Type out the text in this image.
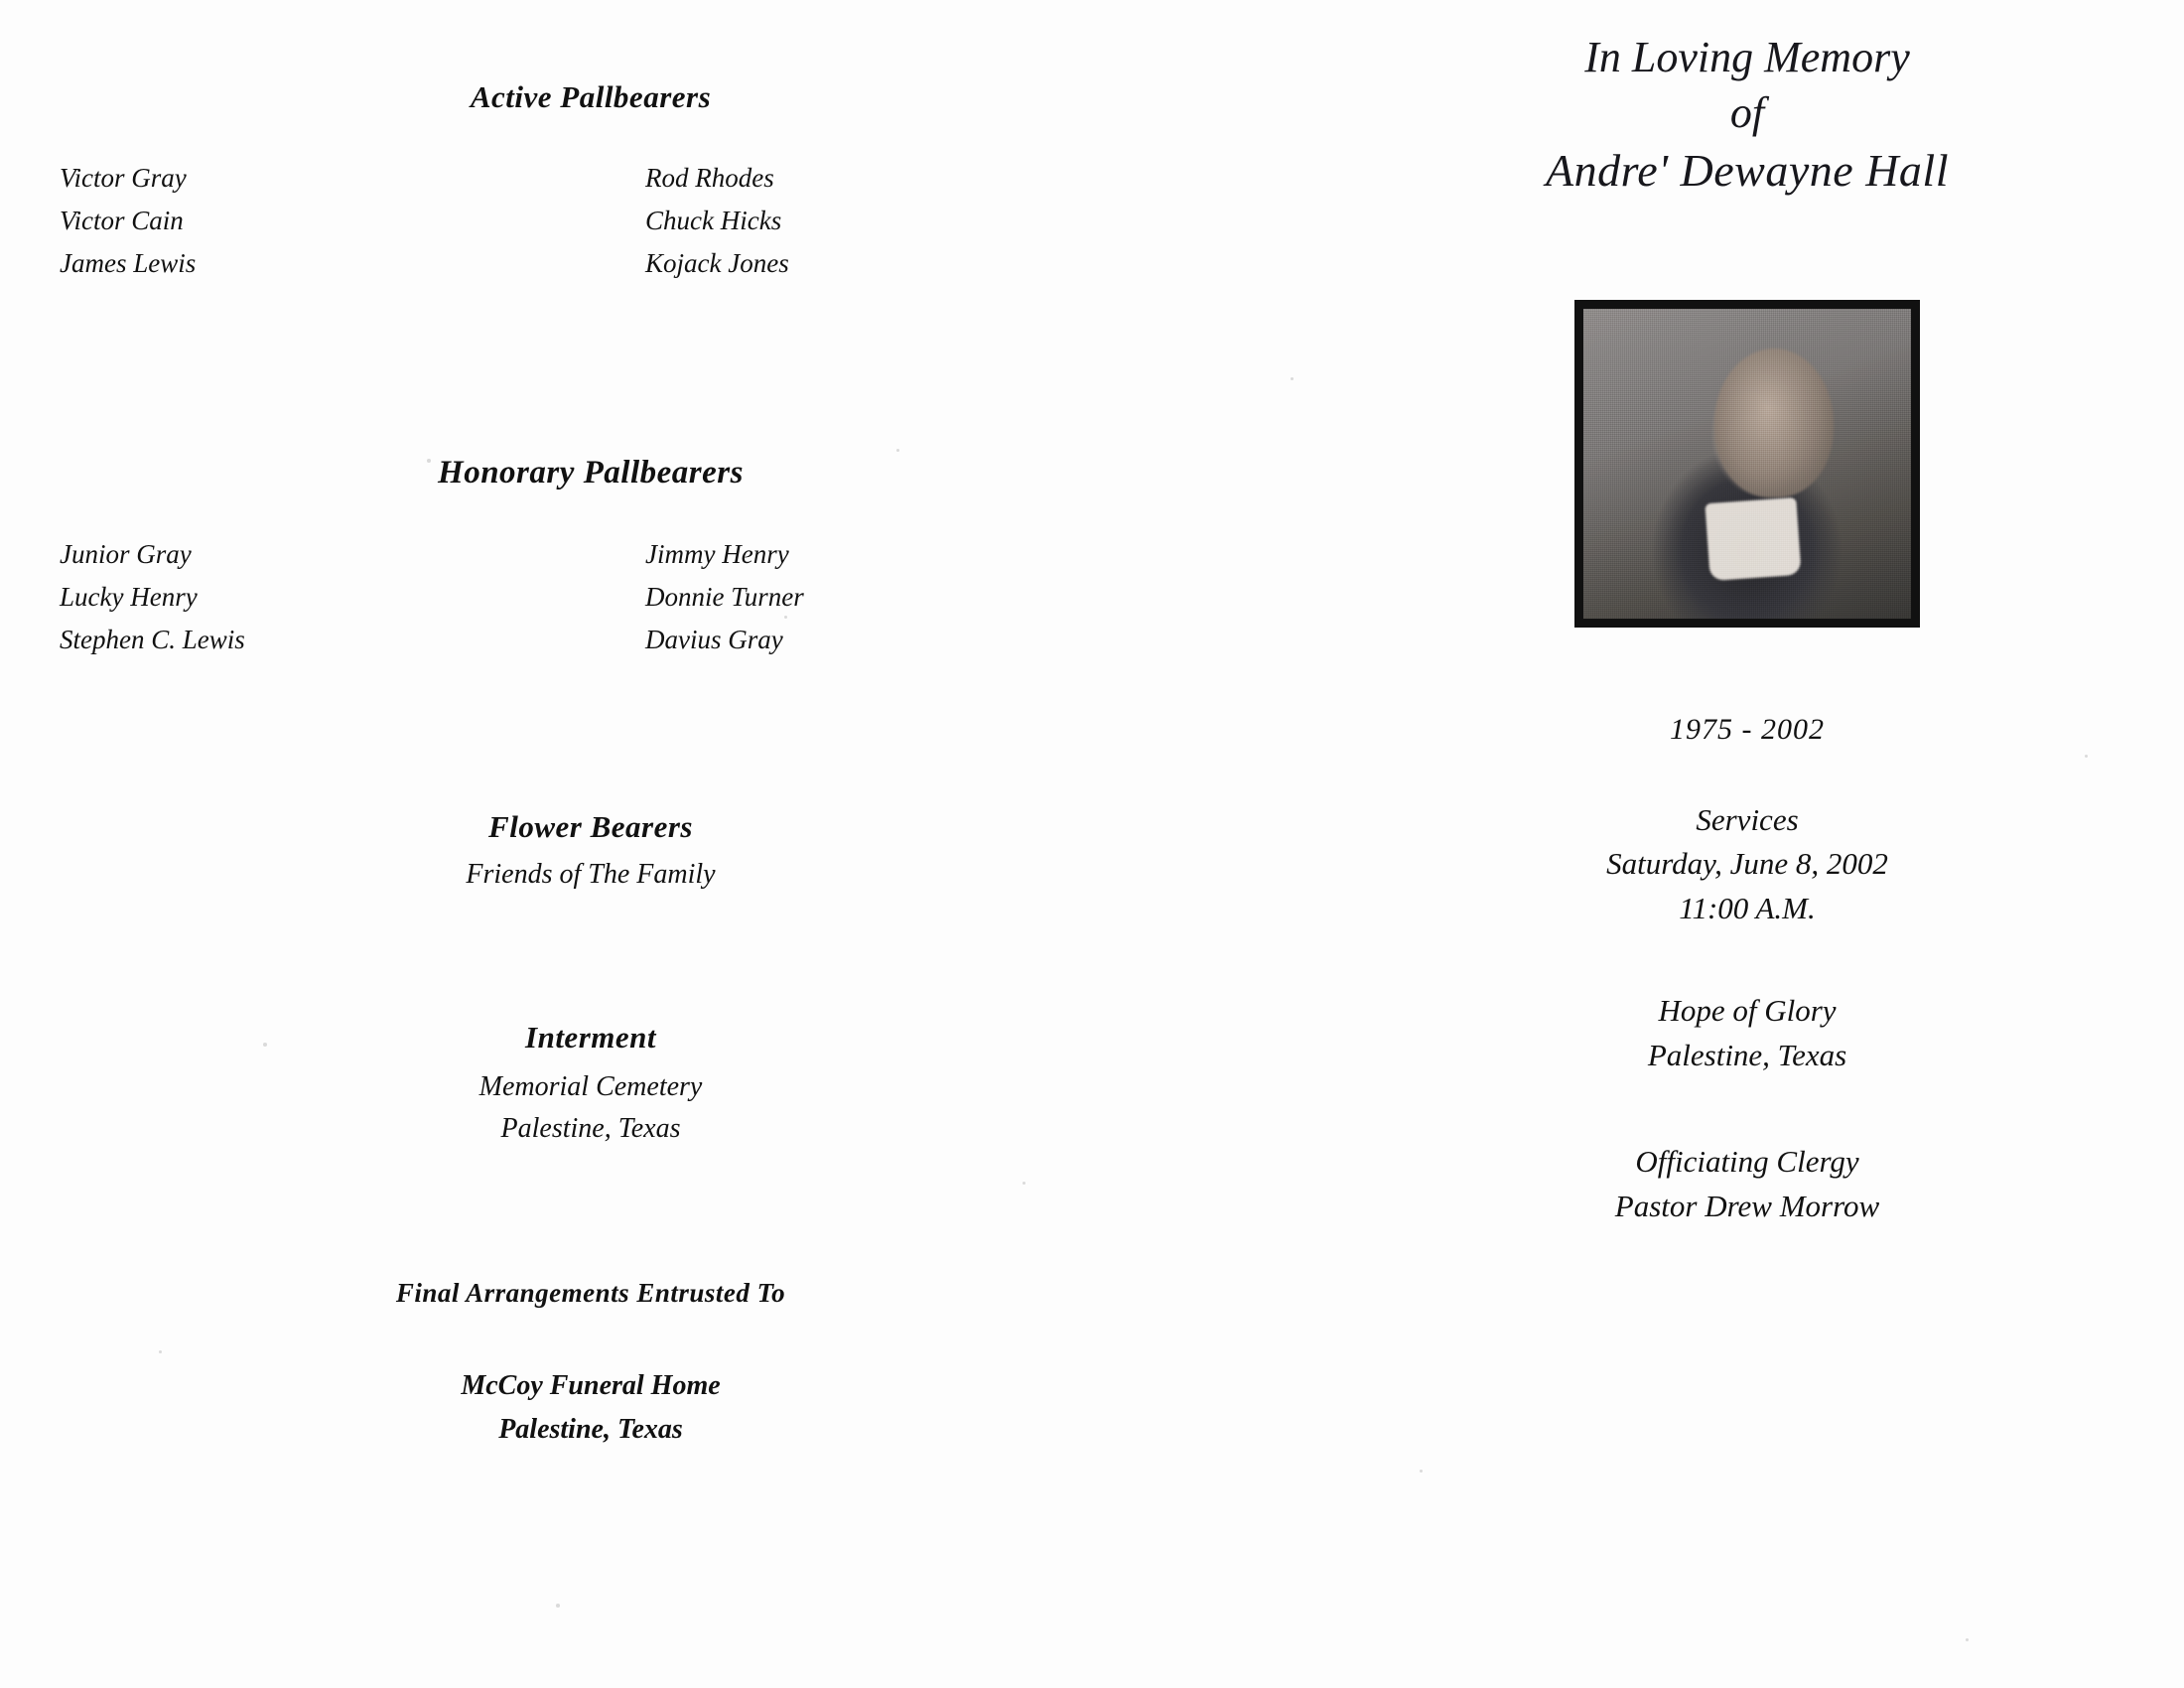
Active Pallbearers
Victor Gray
Victor Cain
James Lewis
Rod Rhodes
Chuck Hicks
Kojack Jones
Honorary Pallbearers
Junior Gray
Lucky Henry
Stephen C. Lewis
Jimmy Henry
Donnie Turner
Davius Gray
Flower Bearers
Friends of The Family
Interment
Memorial Cemetery
Palestine, Texas
Final Arrangements Entrusted To
McCoy Funeral Home
Palestine, Texas
In Loving Memory
of
Andre' Dewayne Hall
1975 - 2002
Services
Saturday, June 8, 2002
11:00 A.M.
Hope of Glory
Palestine, Texas
Officiating Clergy
Pastor Drew Morrow
